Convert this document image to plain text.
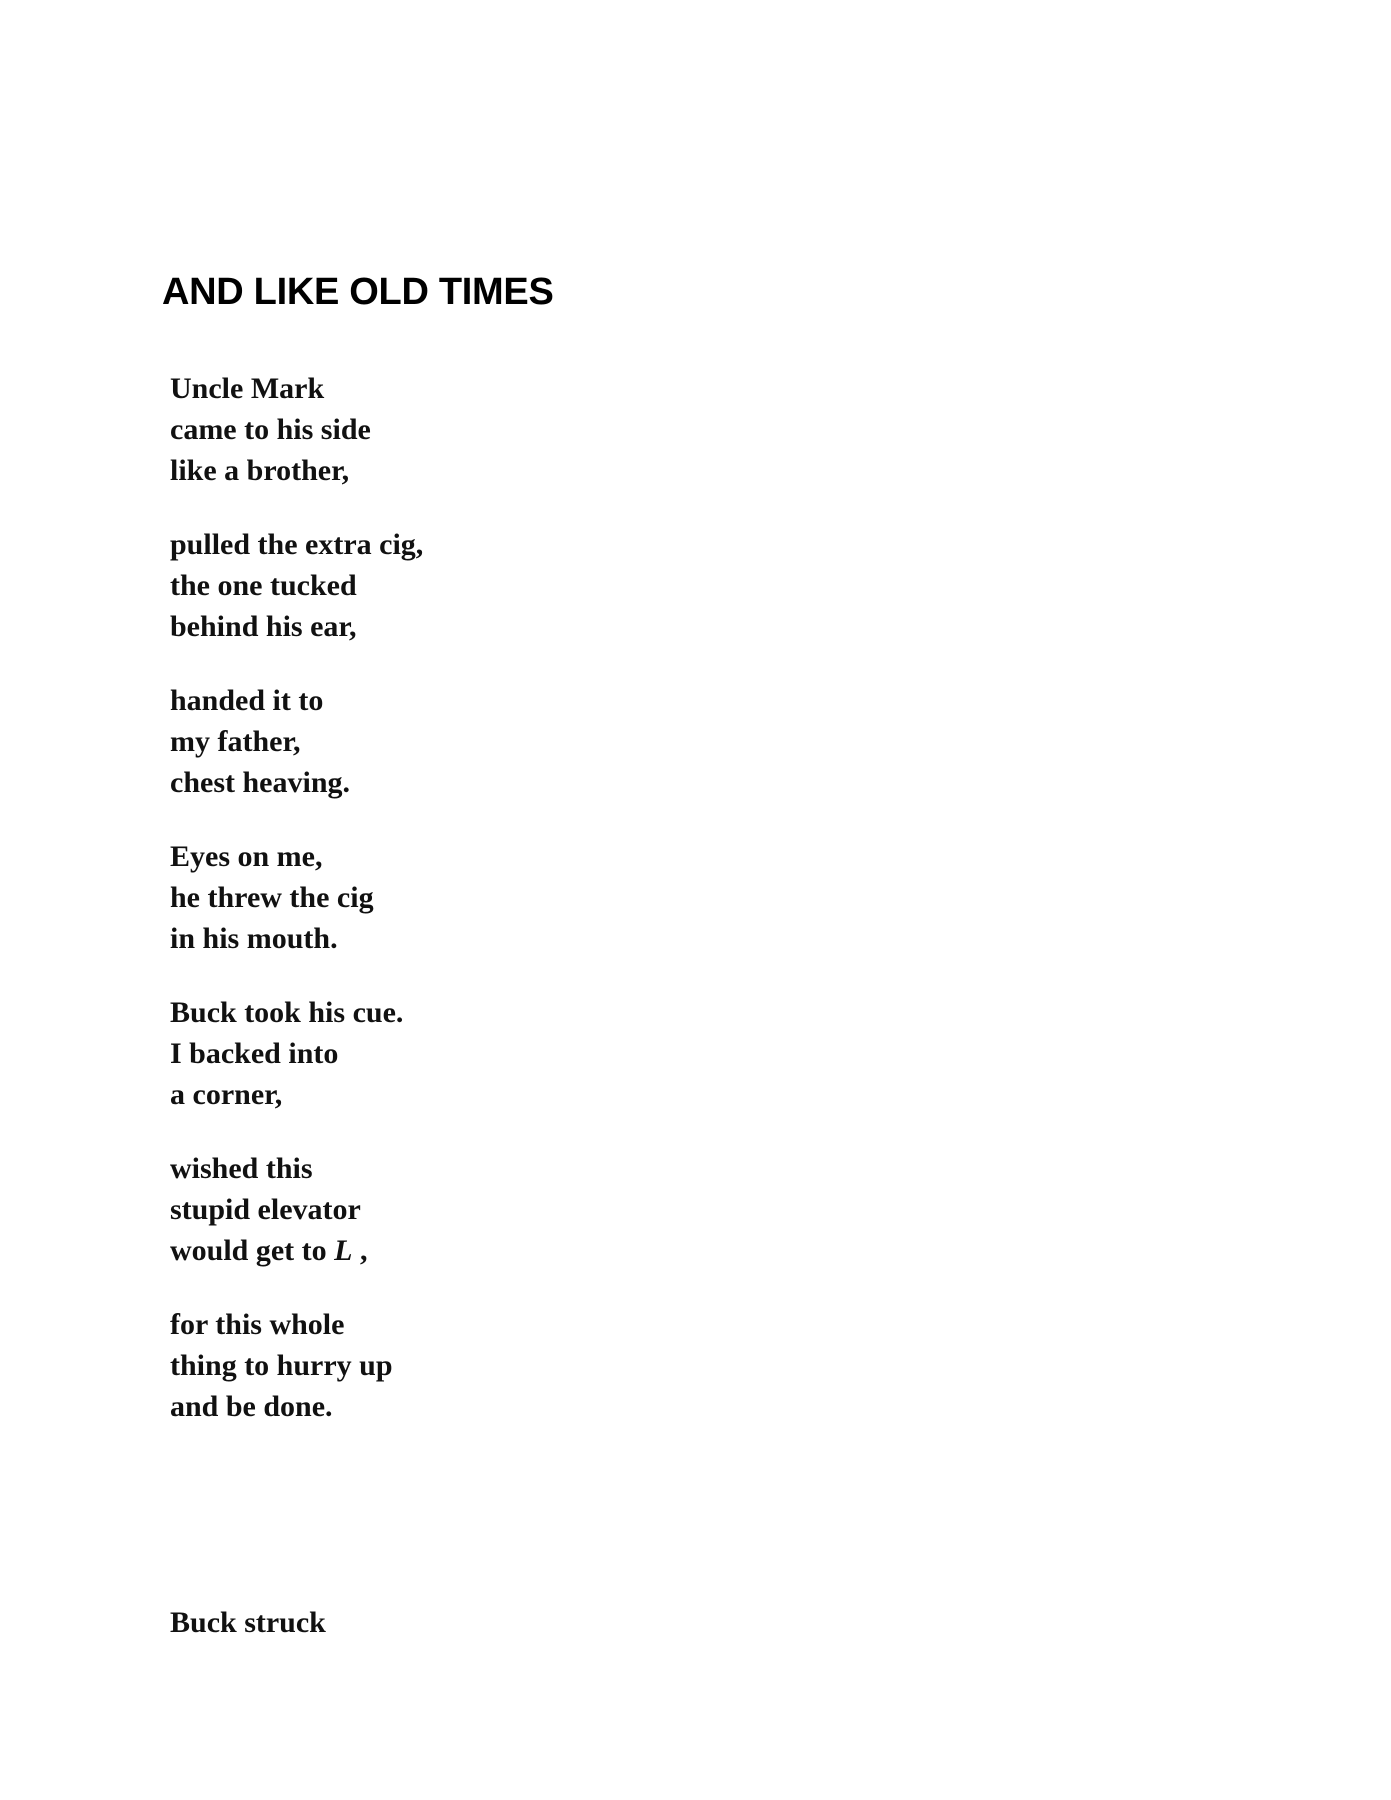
AND LIKE OLD TIMES
Uncle Mark
came to his side
like a brother,
pulled the extra cig,
the one tucked
behind his ear,
handed it to
my father,
chest heaving.
Eyes on me,
he threw the cig
in his mouth.
Buck took his cue.
I backed into
a corner,
wished this
stupid elevator
would get to L ,
for this whole
thing to hurry up
and be done.
Buck struck
